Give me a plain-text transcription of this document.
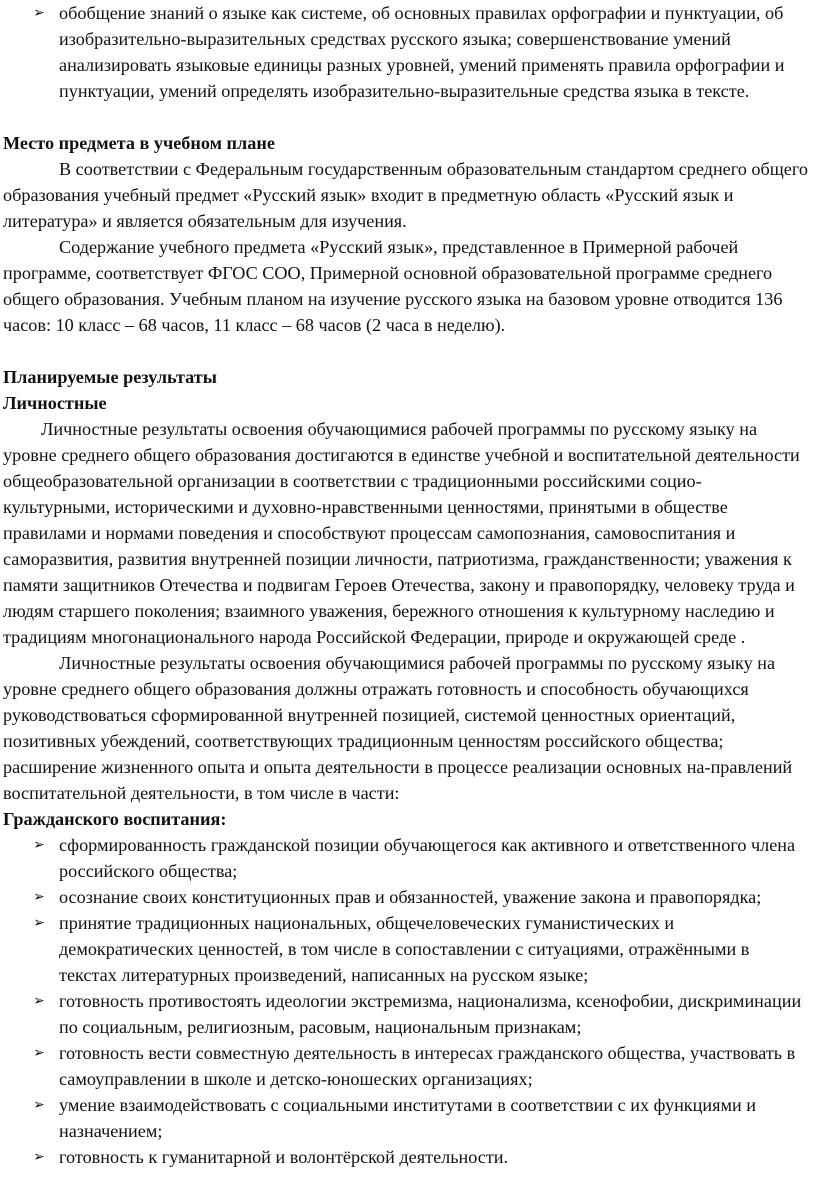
➢ обобщение знаний о языке как системе, об основных правилах орфографии и пунктуации, об изобразительно-выразительных средствах русского языка; совершенствование умений анализировать языковые единицы разных уровней, умений применять правила орфографии и пунктуации, умений определять изобразительно-выразительные средства языка в тексте.

Место предмета в учебном плане

В соответствии с Федеральным государственным образовательным стандартом среднего общего образования учебный предмет «Русский язык» входит в предметную область «Русский язык и литература» и является обязательным для изучения.

Содержание учебного предмета «Русский язык», представленное в Примерной рабочей программе, соответствует ФГОС СОО, Примерной основной образовательной программе среднего общего образования. Учебным планом на изучение русского языка на базовом уровне отводится 136 часов: 10 класс – 68 часов, 11 класс – 68 часов (2 часа в неделю).

Планируемые результаты

Личностные

Личностные результаты освоения обучающимися рабочей программы по русскому языку на уровне среднего общего образования достигаются в единстве учебной и воспитательной деятельности общеобразовательной организации в соответствии с традиционными российскими социо- культурными, историческими и духовно-нравственными ценностями, принятыми в обществе правилами и нормами поведения и способствуют процессам самопознания, самовоспитания и саморазвития, развития внутренней позиции личности, патриотизма, гражданственности; уважения к памяти защитников Отечества и подвигам Героев Отечества, закону и правопорядку, человеку труда и людям старшего поколения; взаимного уважения, бережного отношения к культурному наследию и традициям многонационального народа Российской Федерации, природе и окружающей среде .

Личностные результаты освоения обучающимися рабочей программы по русскому языку на уровне среднего общего образования должны отражать готовность и способность обучающихся руководствоваться сформированной внутренней позицией, системой ценностных ориентаций, позитивных убеждений, соответствующих традиционным ценностям российского общества; расширение жизненного опыта и опыта деятельности в процессе реализации основных на-правлений воспитательной деятельности, в том числе в части:

Гражданского воспитания:

➢ сформированность гражданской позиции обучающегося как активного и ответственного члена российского общества;
➢ осознание своих конституционных прав и обязанностей, уважение закона и правопорядка;
➢ принятие традиционных национальных, общечеловеческих гуманистических и демократических ценностей, в том числе в сопоставлении с ситуациями, отражёнными в текстах литературных произведений, написанных на русском языке;
➢ готовность противостоять идеологии экстремизма, национализма, ксенофобии, дискриминации по социальным, религиозным, расовым, национальным признакам;
➢ готовность вести совместную деятельность в интересах гражданского общества, участвовать в самоуправлении в школе и детско-юношеских организациях;
➢ умение взаимодействовать с социальными институтами в соответствии с их функциями и назначением;
➢ готовность к гуманитарной и волонтёрской деятельности.
